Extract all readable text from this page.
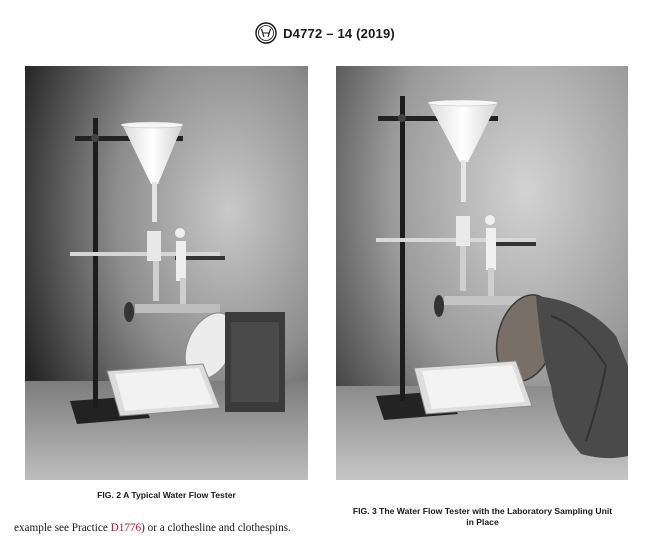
D4772 – 14 (2019)
FIG. 2 A Typical Water Flow Tester
FIG. 3 The Water Flow Tester with the Laboratory Sampling Unit
in Place
example see Practice D1776) or a clothesline and clothespins.
